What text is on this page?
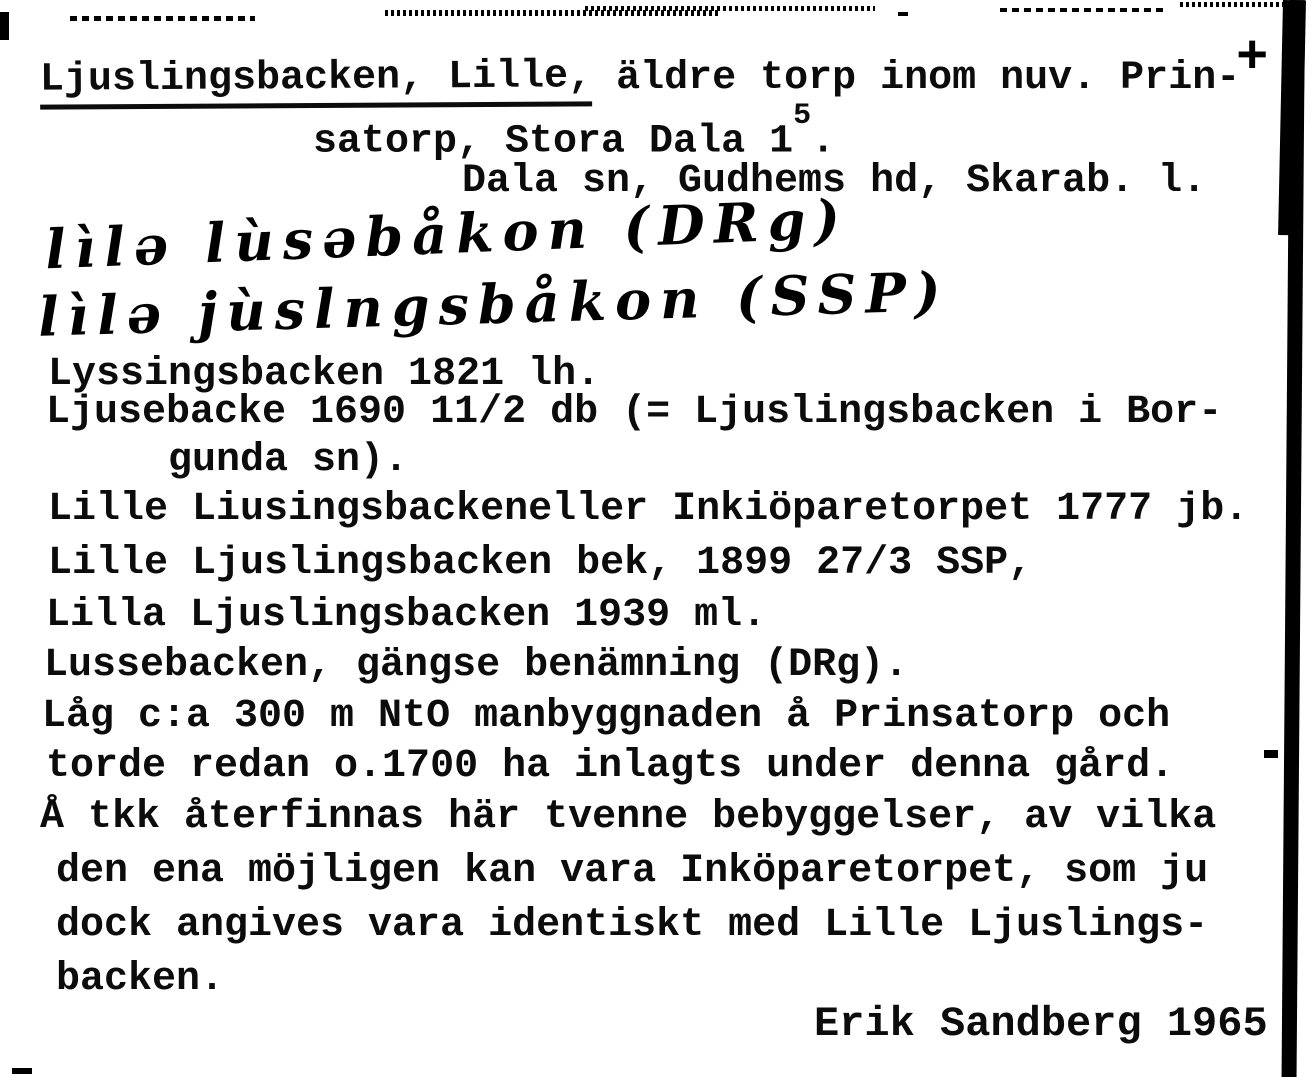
Ljuslingsbacken, Lille, äldre torp inom nuv. Prin-
satorp, Stora Dala $1^5$.
Dala sn, Gudhems hd, Skarab. l.
lìlə lùsəbåkon (DRg)
lìlə jùslngsbåkon (SSP)
Lyssingsbacken 1821 lh.
Ljusebacke 1690 11/2 db (= Ljuslingsbacken i Bor-
gunda sn).
Lille Liusingsbackeneller Inkiöparetorpet 1777 jb.
Lille Ljuslingsbacken bek, 1899 27/3 SSP,
Lilla Ljuslingsbacken 1939 ml.
Lussebacken, gängse benämning (DRg).
Låg c:a 300 m NtO manbyggnaden å Prinsatorp och
torde redan o.1700 ha inlagts under denna gård.
Å tkk återfinnas här tvenne bebyggelser, av vilka
den ena möjligen kan vara Inköparetorpet, som ju
dock angives vara identiskt med Lille Ljuslings-
backen.
Erik Sandberg 1965
+
